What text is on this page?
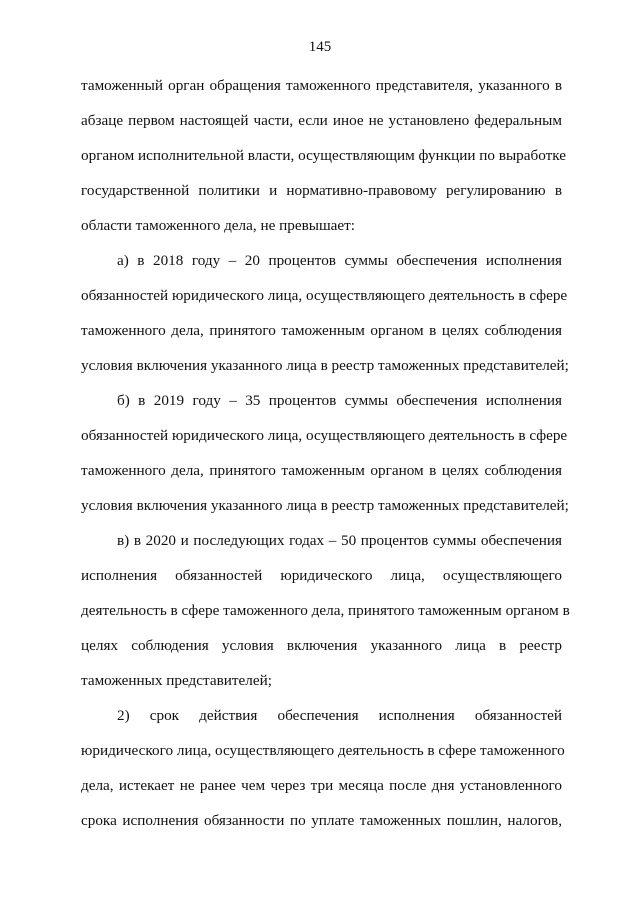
145
таможенный орган обращения таможенного представителя, указанного в
абзаце первом настоящей части, если иное не установлено федеральным
органом исполнительной власти, осуществляющим функции по выработке
государственной политики и нормативно-правовому регулированию в
области таможенного дела, не превышает:
а) в 2018 году – 20 процентов суммы обеспечения исполнения
обязанностей юридического лица, осуществляющего деятельность в сфере
таможенного дела, принятого таможенным органом в целях соблюдения
условия включения указанного лица в реестр таможенных представителей;
б) в 2019 году – 35 процентов суммы обеспечения исполнения
обязанностей юридического лица, осуществляющего деятельность в сфере
таможенного дела, принятого таможенным органом в целях соблюдения
условия включения указанного лица в реестр таможенных представителей;
в) в 2020 и последующих годах – 50 процентов суммы обеспечения
исполнения обязанностей юридического лица, осуществляющего
деятельность в сфере таможенного дела, принятого таможенным органом в
целях соблюдения условия включения указанного лица в реестр
таможенных представителей;
2) срок действия обеспечения исполнения обязанностей
юридического лица, осуществляющего деятельность в сфере таможенного
дела, истекает не ранее чем через три месяца после дня установленного
срока исполнения обязанности по уплате таможенных пошлин, налогов,
